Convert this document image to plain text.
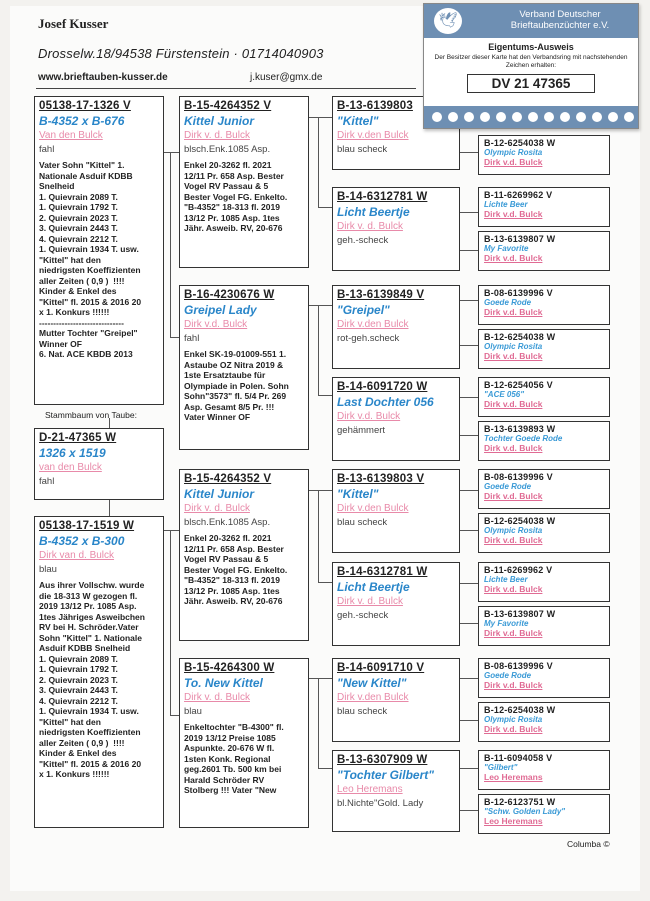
Josef Kusser
Drosselw.18/94538 Fürstenstein · 01714040903
www.brieftauben-kusser.de	j.kuser@gmx.de
05138-17-1326 V
B-4352 x B-676
Van den Bulck
fahl
Vater Sohn "Kittel" 1.
Nationale Asduif KDBB
Snelheid
1. Quievrain 2089 T.
1. Quievrain 1792 T.
2. Quievrain 2023 T.
3. Quievrain 2443 T.
4. Quievrain 2212 T.
1. Quievrain 1934 T. usw.
"Kittel" hat den
niedrigsten Koeffizienten
aller Zeiten ( 0,9 )  !!!!
Kinder & Enkel des
"Kittel" fl. 2015 & 2016 20
x 1. Konkurs !!!!!!
------------------------------
Mutter Tochter "Greipel"
Winner OF
6. Nat. ACE KBDB 2013
Stammbaum von Taube:
D-21-47365 W
1326 x 1519
van den Bulck
fahl
05138-17-1519 W
B-4352 x B-300
Dirk van d. Bulck
blau
Aus ihrer Vollschw. wurde
die 18-313 W gezogen fl.
2019 13/12 Pr. 1085 Asp.
1tes Jähriges Asweibchen
RV bei H. Schröder.Vater
Sohn "Kittel" 1. Nationale
Asduif KDBB Snelheid
1. Quievrain 2089 T.
1. Quievrain 1792 T.
2. Quievrain 2023 T.
3. Quievrain 2443 T.
4. Quievrain 2212 T.
1. Quievrain 1934 T. usw.
"Kittel" hat den
niedrigsten Koeffizienten
aller Zeiten ( 0,9 )  !!!!
Kinder & Enkel des
"Kittel" fl. 2015 & 2016 20
x 1. Konkurs !!!!!!
B-15-4264352 V
Kittel Junior
Dirk v. d. Bulck
blsch.Enk.1085 Asp.
Enkel 20-3262 fl. 2021
12/11 Pr. 658 Asp. Bester
Vogel RV Passau & 5
Bester Vogel FG. Enkelto.
"B-4352" 18-313 fl. 2019
13/12 Pr. 1085 Asp. 1tes
Jähr. Asweib. RV, 20-676
B-16-4230676 W
Greipel Lady
Dirk v.d. Bulck
fahl
Enkel SK-19-01009-551 1.
Astaube OZ Nitra 2019 &
1ste Ersatztaube für
Olympiade in Polen. Sohn
Sohn"3573" fl. 5/4 Pr. 269
Asp. Gesamt 8/5 Pr. !!!
Vater Winner OF
B-15-4264352 V
Kittel Junior
Dirk v. d. Bulck
blsch.Enk.1085 Asp.
Enkel 20-3262 fl. 2021
12/11 Pr. 658 Asp. Bester
Vogel RV Passau & 5
Bester Vogel FG. Enkelto.
"B-4352" 18-313 fl. 2019
13/12 Pr. 1085 Asp. 1tes
Jähr. Asweib. RV, 20-676
B-15-4264300 W
To. New Kittel
Dirk v. d. Bulck
blau
Enkeltochter "B-4300" fl.
2019 13/12 Preise 1085
Aspunkte. 20-676 W fl.
1sten Konk. Regional
geg.2601 Tb. 500 km bei
Harald Schröder RV
Stolberg !!! Vater "New
B-13-6139803
"Kittel"
Dirk v.den Bulck
blau scheck
B-14-6312781 W
Licht Beertje
Dirk v. d. Bulck
geh.-scheck
B-13-6139849 V
"Greipel"
Dirk v.den Bulck
rot-geh.scheck
B-14-6091720 W
Last Dochter 056
Dirk v.d. Bulck
gehämmert
B-13-6139803 V
"Kittel"
Dirk v.den Bulck
blau scheck
B-14-6312781 W
Licht Beertje
Dirk v. d. Bulck
geh.-scheck
B-14-6091710 V
"New Kittel"
Dirk v.den Bulck
blau scheck
B-13-6307909 W
"Tochter Gilbert"
Leo Heremans
bl.Nichte"Gold. Lady
B-12-6254038 W
Olympic Rosita
Dirk v.d. Bulck
B-11-6269962 V
Lichte Beer
Dirk v.d. Bulck
B-13-6139807 W
My Favorite
Dirk v.d. Bulck
B-08-6139996 V
Goede Rode
Dirk v.d. Bulck
B-12-6254038 W
Olympic Rosita
Dirk v.d. Bulck
B-12-6254056 V
"ACE 056"
Dirk v.d. Bulck
B-13-6139893 W
Tochter Goede Rode
Dirk v.d. Bulck
B-08-6139996 V
Goede Rode
Dirk v.d. Bulck
B-12-6254038 W
Olympic Rosita
Dirk v.d. Bulck
B-11-6269962 V
Lichte Beer
Dirk v.d. Bulck
B-13-6139807 W
My Favorite
Dirk v.d. Bulck
B-08-6139996 V
Goede Rode
Dirk v.d. Bulck
B-12-6254038 W
Olympic Rosita
Dirk v.d. Bulck
B-11-6094058 V
"Gilbert"
Leo Heremans
B-12-6123751 W
"Schw. Golden Lady"
Leo Heremans
🕊	Verband Deutscher
Brieftaubenzüchter e.V.
Eigentums-Ausweis
Der Besitzer dieser Karte hat den Verbandsring mit nachstehenden Zeichen erhalten:
DV 21 47365
Columba ©
